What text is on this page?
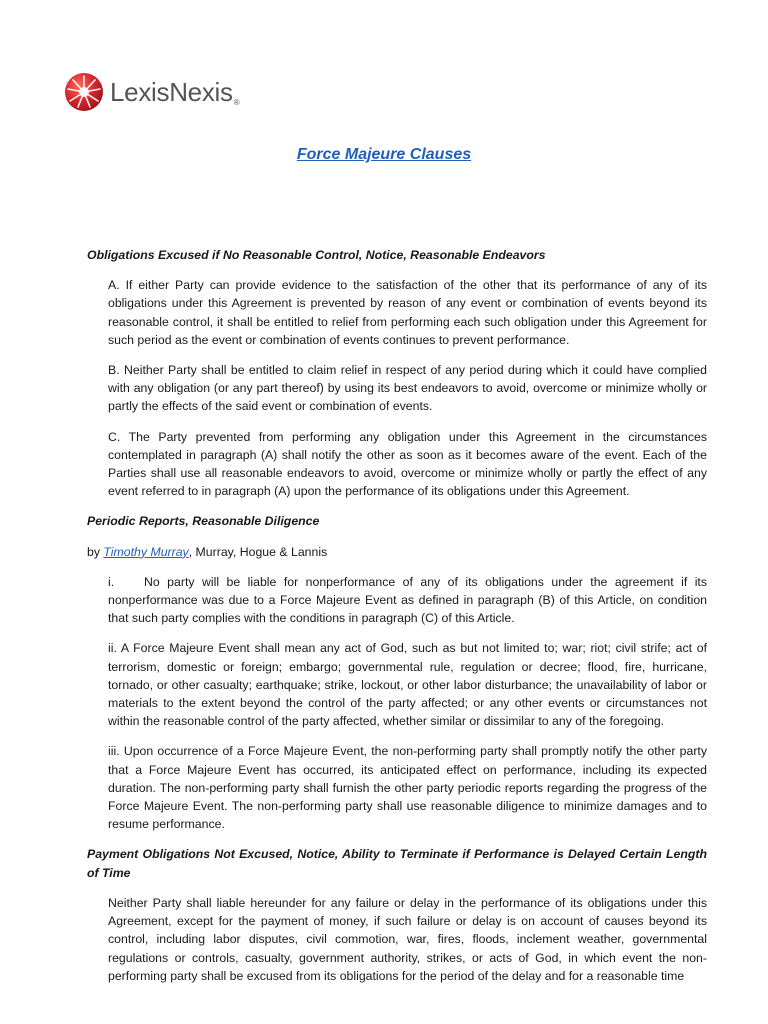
LexisNexis ®
Force Majeure Clauses

Obligations Excused if No Reasonable Control, Notice, Reasonable Endeavors

A. If either Party can provide evidence to the satisfaction of the other that its performance of any of its obligations under this Agreement is prevented by reason of any event or combination of events beyond its reasonable control, it shall be entitled to relief from performing each such obligation under this Agreement for such period as the event or combination of events continues to prevent performance.

B. Neither Party shall be entitled to claim relief in respect of any period during which it could have complied with any obligation (or any part thereof) by using its best endeavors to avoid, overcome or minimize wholly or partly the effects of the said event or combination of events.

C. The Party prevented from performing any obligation under this Agreement in the circumstances contemplated in paragraph (A) shall notify the other as soon as it becomes aware of the event. Each of the Parties shall use all reasonable endeavors to avoid, overcome or minimize wholly or partly the effect of any event referred to in paragraph (A) upon the performance of its obligations under this Agreement.

Periodic Reports, Reasonable Diligence

by Timothy Murray, Murray, Hogue & Lannis

i. No party will be liable for nonperformance of any of its obligations under the agreement if its nonperformance was due to a Force Majeure Event as defined in paragraph (B) of this Article, on condition that such party complies with the conditions in paragraph (C) of this Article.

ii. A Force Majeure Event shall mean any act of God, such as but not limited to; war; riot; civil strife; act of terrorism, domestic or foreign; embargo; governmental rule, regulation or decree; flood, fire, hurricane, tornado, or other casualty; earthquake; strike, lockout, or other labor disturbance; the unavailability of labor or materials to the extent beyond the control of the party affected; or any other events or circumstances not within the reasonable control of the party affected, whether similar or dissimilar to any of the foregoing.

iii. Upon occurrence of a Force Majeure Event, the non-performing party shall promptly notify the other party that a Force Majeure Event has occurred, its anticipated effect on performance, including its expected duration. The non-performing party shall furnish the other party periodic reports regarding the progress of the Force Majeure Event. The non-performing party shall use reasonable diligence to minimize damages and to resume performance.

Payment Obligations Not Excused, Notice, Ability to Terminate if Performance is Delayed Certain Length of Time

Neither Party shall liable hereunder for any failure or delay in the performance of its obligations under this Agreement, except for the payment of money, if such failure or delay is on account of causes beyond its control, including labor disputes, civil commotion, war, fires, floods, inclement weather, governmental regulations or controls, casualty, government authority, strikes, or acts of God, in which event the non-performing party shall be excused from its obligations for the period of the delay and for a reasonable time
